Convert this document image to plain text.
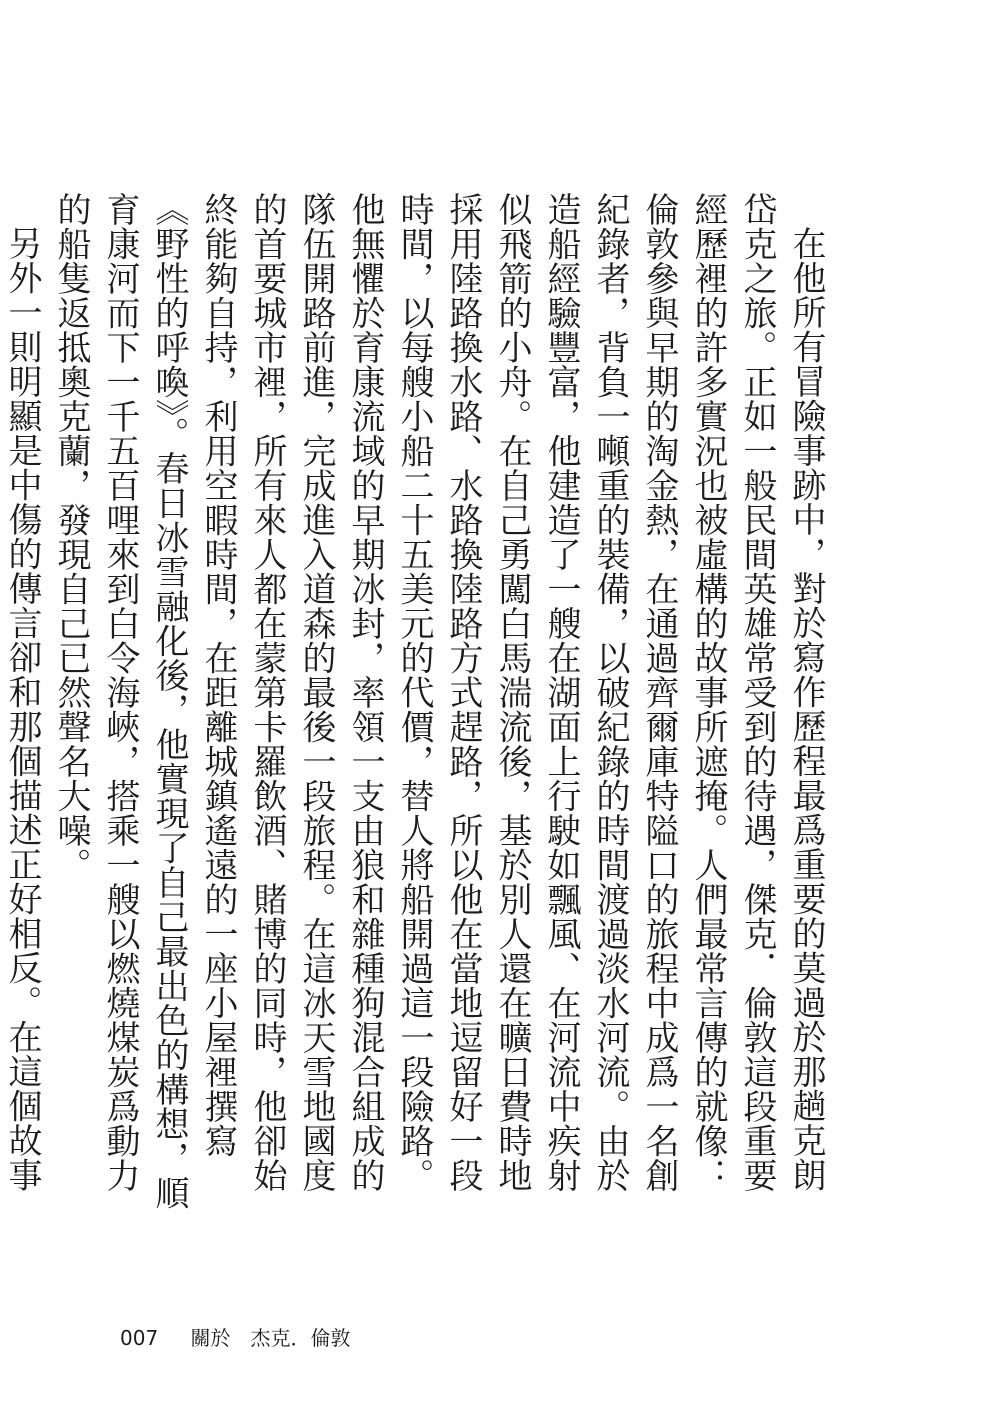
在他所有冒險事跡中，對於寫作歷程最爲重要的莫過於那趟克朗岱克之旅。正如一般民間英雄常受到的待遇，傑克．倫敦這段重要經歷裡的許多實況也被虛構的故事所遮掩。人們最常言傳的就像：倫敦參與早期的淘金熱，在通過齊爾庫特隘口的旅程中成爲一名創紀錄者，背負一噸重的裝備，以破紀錄的時間渡過淡水河流。由於造船經驗豐富，他建造了一艘在湖面上行駛如飄風、在河流中疾射似飛箭的小舟。在自己勇闖白馬湍流後，基於別人還在曠日費時地採用陸路換水路、水路換陸路方式趕路，所以他在當地逗留好一段時間，以每艘小船二十五美元的代價，替人將船開過這一段險路。他無懼於育康流域的早期冰封，率領一支由狼和雜種狗混合組成的隊伍開路前進，完成進入道森的最後一段旅程。在這冰天雪地國度的首要城市裡，所有來人都在蒙第卡羅飲酒、賭博的同時，他卻始終能夠自持，利用空暇時間，在距離城鎮遙遠的一座小屋裡撰寫《野性的呼喚》。春日冰雪融化後，他實現了自己最出色的構想，順育康河而下一千五百哩來到白令海峽，搭乘一艘以燃燒煤炭爲動力的船隻返抵奧克蘭，發現自己已然聲名大噪。

另外一則明顯是中傷的傳言卻和那個描述正好相反。在這個故事

007 關於　杰克．倫敦
